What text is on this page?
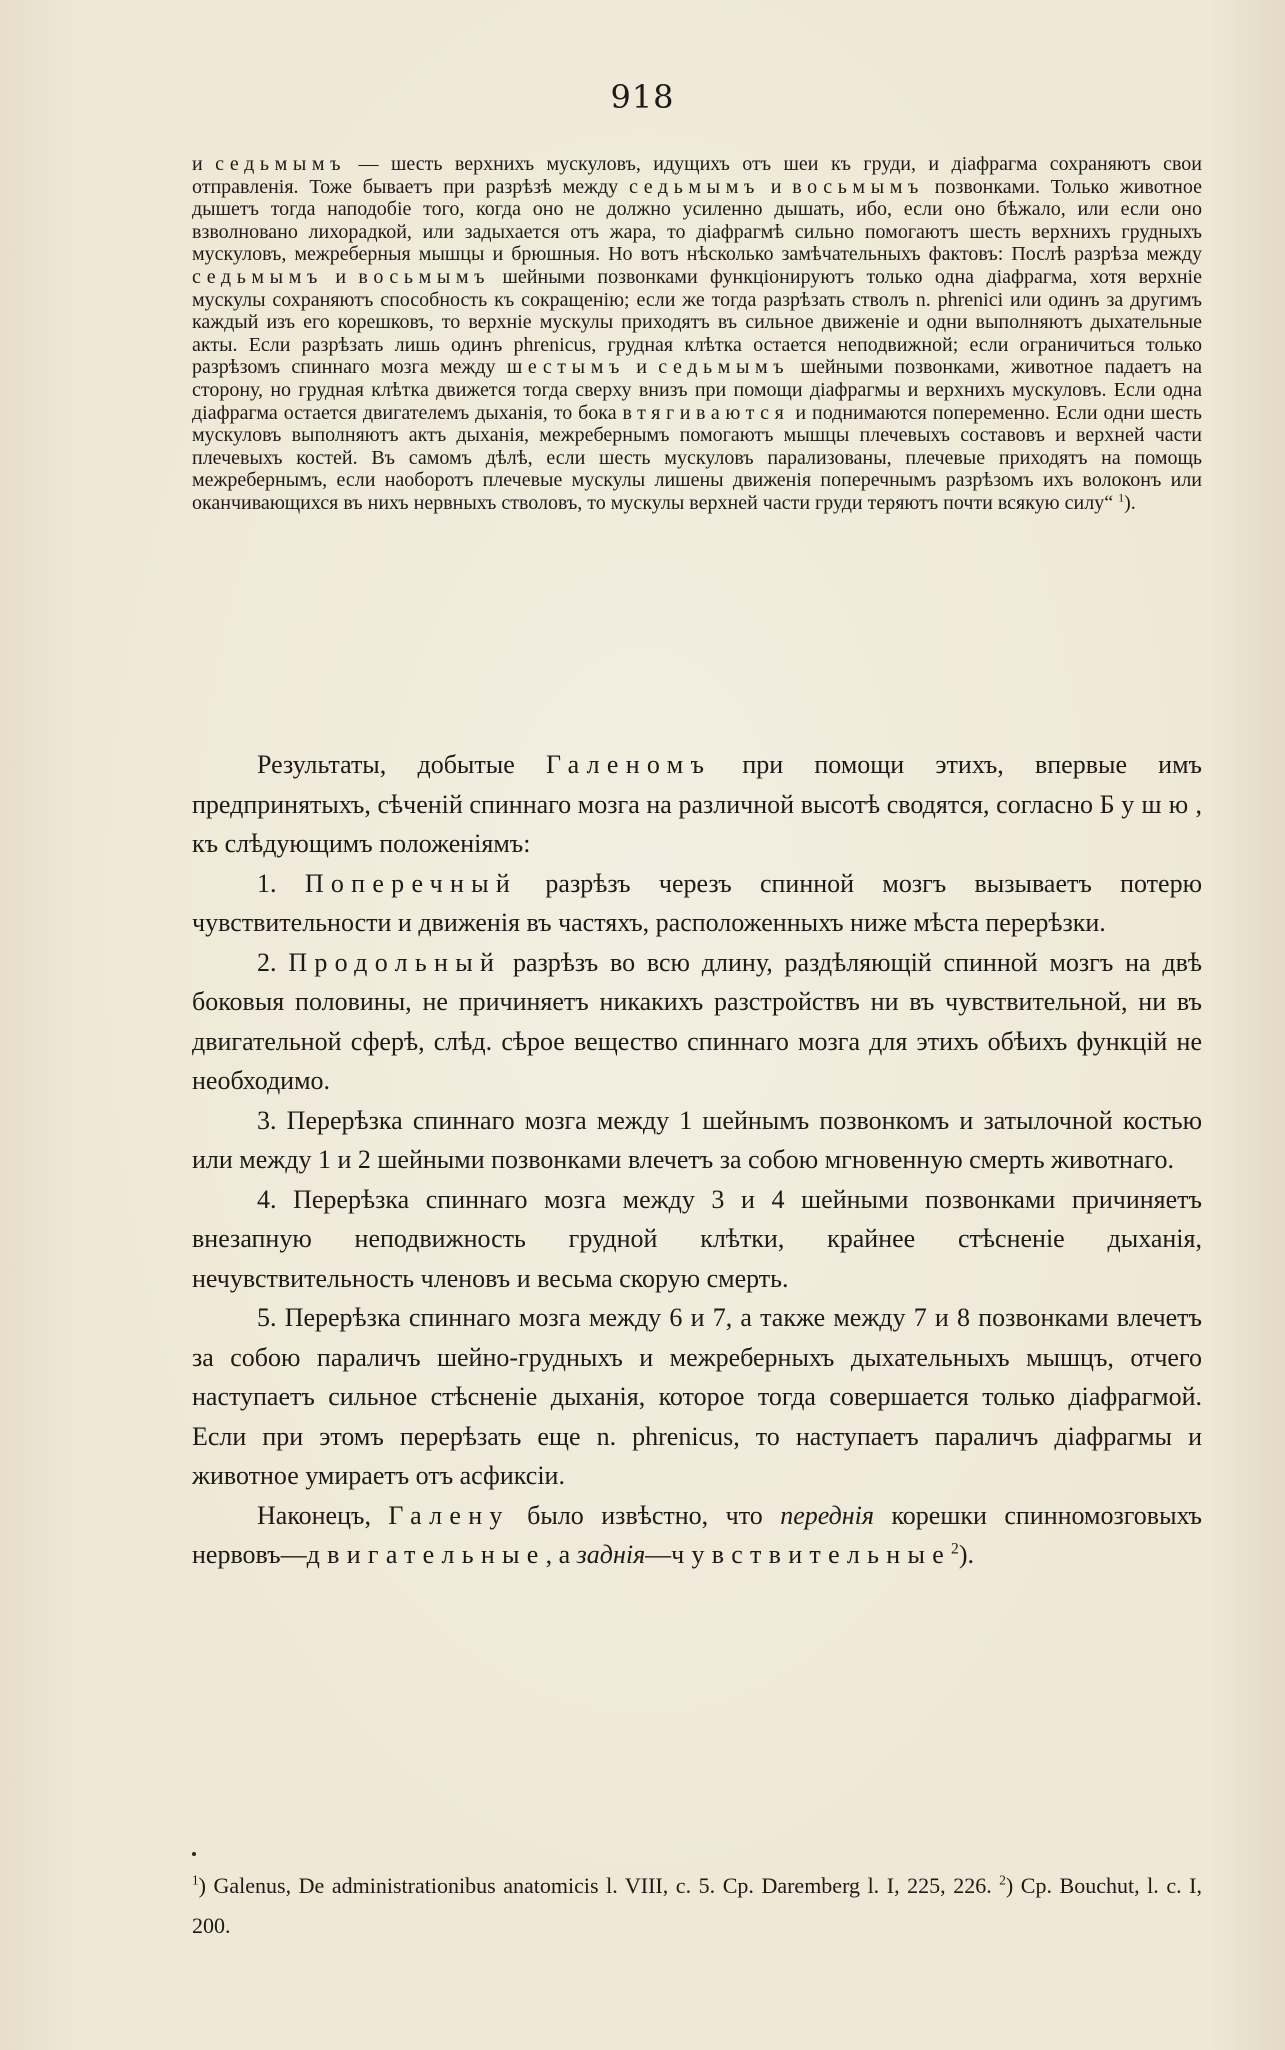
918

и седьмымъ — шесть верхнихъ мускуловъ, идущихъ отъ шеи къ груди, и діафрагма сохраняютъ свои отправленія. Тоже бываетъ при разрѣзѣ между седьмымъ и восьмымъ позвонками. Только животное дышетъ тогда наподобіе того, когда оно не должно усиленно дышать, ибо, если оно бѣжало, или если оно взволновано лихорадкой, или задыхается отъ жара, то діафрагмѣ сильно помогаютъ шесть верхнихъ грудныхъ мускуловъ, межреберныя мышцы и брюшныя. Но вотъ нѣсколько замѣчательныхъ фактовъ: Послѣ разрѣза между седьмымъ и восьмымъ шейными позвонками функціонируютъ только одна діафрагма, хотя верхніе мускулы сохраняютъ способность къ сокращенію; если же тогда разрѣзать стволъ n. phrenici или одинъ за другимъ каждый изъ его корешковъ, то верхніе мускулы приходятъ въ сильное движеніе и одни выполняютъ дыхательные акты. Если разрѣзать лишь одинъ phrenicus, грудная клѣтка остается неподвижной; если ограничиться только разрѣзомъ спиннаго мозга между шестымъ и седьмымъ шейными позвонками, животное падаетъ на сторону, но грудная клѣтка движется тогда сверху внизъ при помощи діафрагмы и верхнихъ мускуловъ. Если одна діафрагма остается двигателемъ дыханія, то бока втягиваются и поднимаются попеременно. Если одни шесть мускуловъ выполняютъ актъ дыханія, межребернымъ помогаютъ мышцы плечевыхъ составовъ и верхней части плечевыхъ костей. Въ самомъ дѣлѣ, если шесть мускуловъ парализованы, плечевые приходятъ на помощь межребернымъ, если наоборотъ плечевые мускулы лишены движенія поперечнымъ разрѣзомъ ихъ волоконъ или оканчивающихся въ нихъ нервныхъ стволовъ, то мускулы верхней части груди теряютъ почти всякую силу“ $^1$).

Результаты, добытые Галеномъ при помощи этихъ, впервые имъ предпринятыхъ, сѣченій спиннаго мозга на различной высотѣ сводятся, согласно Бушю, къ слѣдующимъ положеніямъ:

1. Поперечный разрѣзъ черезъ спинной мозгъ вызываетъ потерю чувствительности и движенія въ частяхъ, расположенныхъ ниже мѣста перерѣзки.

2. Продольный разрѣзъ во всю длину, раздѣляющій спинной мозгъ на двѣ боковыя половины, не причиняетъ никакихъ разстройствъ ни въ чувствительной, ни въ двигательной сферѣ, слѣд. сѣрое вещество спиннаго мозга для этихъ обѣихъ функцій не необходимо.

3. Перерѣзка спиннаго мозга между 1 шейнымъ позвонкомъ и затылочной костью или между 1 и 2 шейными позвонками влечетъ за собою мгновенную смерть животнаго.

4. Перерѣзка спиннаго мозга между 3 и 4 шейными позвонками причиняетъ внезапную неподвижность грудной клѣтки, крайнее стѣсненіе дыханія, нечувствительность членовъ и весьма скорую смерть.

5. Перерѣзка спиннаго мозга между 6 и 7, а также между 7 и 8 позвонками влечетъ за собою параличъ шейно-грудныхъ и межреберныхъ дыхательныхъ мышцъ, отчего наступаетъ сильное стѣсненіе дыханія, которое тогда совершается только діафрагмой. Если при этомъ перерѣзать еще n. phrenicus, то наступаетъ параличъ діафрагмы и животное умираетъ отъ асфиксіи.

Наконецъ, Галену было извѣстно, что переднія корешки спинномозговыхъ нервовъ—двигательные, а заднія—чувствительные$^2$).

$^1$) Galenus, De administrationibus anatomicis l. VIII, c. 5. Cp. Daremberg l. I, 225, 226. $^2$) Cp. Bouchut, l. c. I, 200.
